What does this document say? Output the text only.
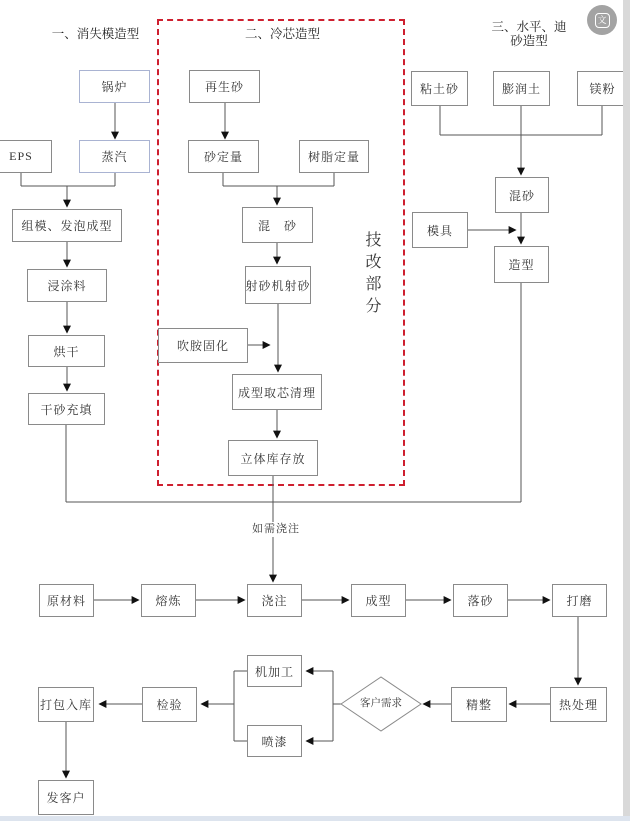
一、消失模造型	二、冷芯造型	三、水平、迪
砂造型
锅炉
EPS	蒸汽
组模、发泡成型
浸涂料
烘干
干砂充填
再生砂
砂定量	树脂定量
混　砂
射砂机射砂
吹胺固化
成型取芯清理
立体库存放
技改部分
粘土砂	膨润土	镁粉
混砂
模具
造型
如需浇注
原材料	熔炼	浇注	成型	落砂	打磨
热处理
精整
客户需求
机加工
喷漆
检验
打包入库
发客户
文
